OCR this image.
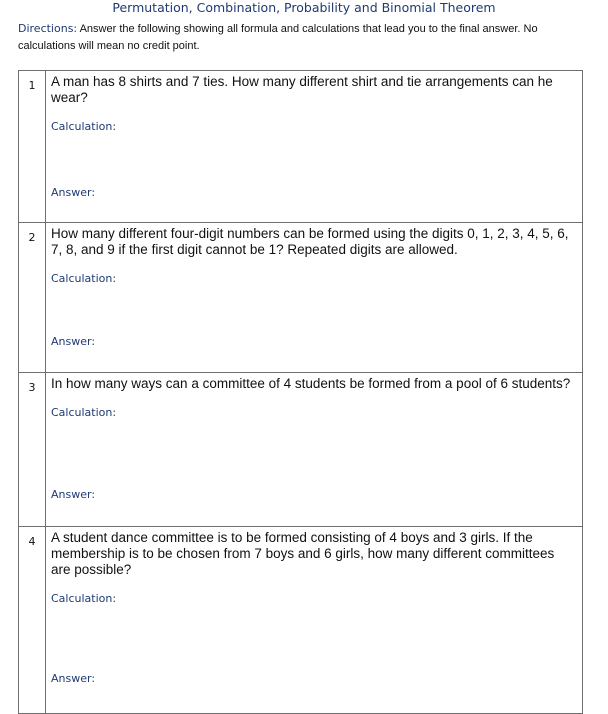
Permutation, Combination, Probability and Binomial Theorem
Directions: Answer the following showing all formula and calculations that lead you to the final answer. No calculations will mean no credit point.
1	A man has 8 shirts and 7 ties. How many different shirt and tie arrangements can he wear?
Calculation:
Answer:

2	How many different four-digit numbers can be formed using the digits 0, 1, 2, 3, 4, 5, 6, 7, 8, and 9 if the first digit cannot be 1? Repeated digits are allowed.
Calculation:
Answer:

3	In how many ways can a committee of 4 students be formed from a pool of 6 students?
Calculation:
Answer:

4	A student dance committee is to be formed consisting of 4 boys and 3 girls. If the membership is to be chosen from 7 boys and 6 girls, how many different committees are possible?
Calculation:
Answer:
